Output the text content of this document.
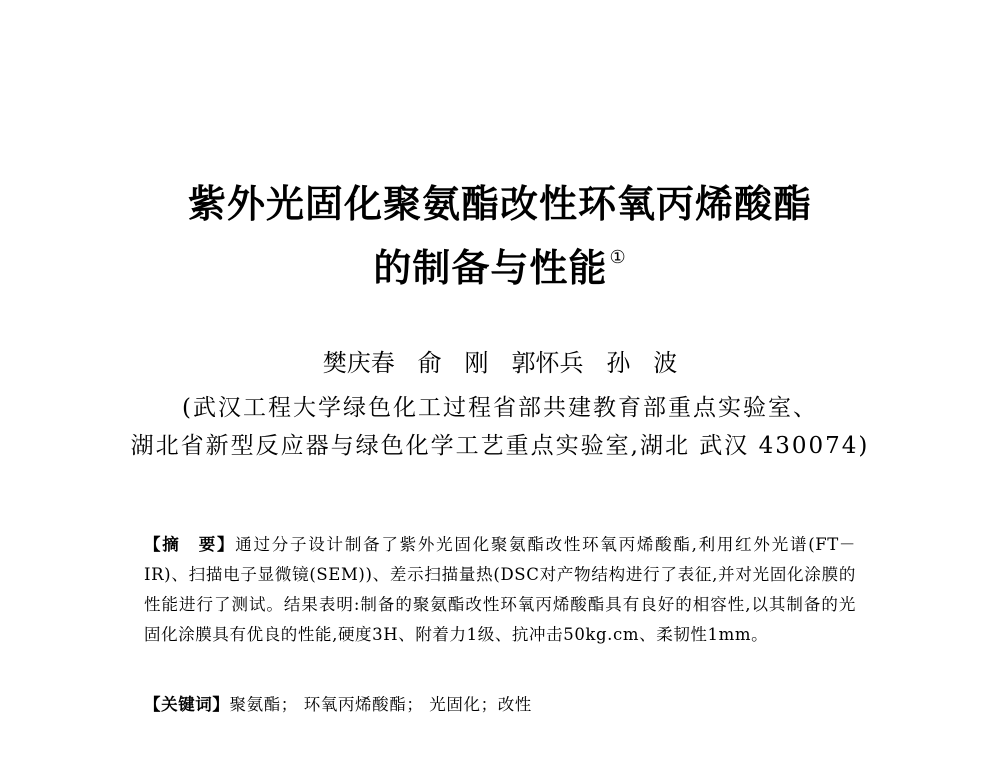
紫外光固化聚氨酯改性环氧丙烯酸酯
的制备与性能 ①
樊庆春   俞   刚   郭怀兵   孙   波
(武汉工程大学绿色化工过程省部共建教育部重点实验室、
湖北省新型反应器与绿色化学工艺重点实验室,湖北 武汉 430074)
【摘　要】通过分子设计制备了紫外光固化聚氨酯改性环氧丙烯酸酯,利用红外光谱(FT－IR)、扫描电子显微镜(SEM))、差示扫描量热(DSC对产物结构进行了表征,并对光固化涂膜的性能进行了测试。结果表明:制备的聚氨酯改性环氧丙烯酸酯具有良好的相容性,以其制备的光固化涂膜具有优良的性能,硬度3H、附着力1级、抗冲击50kg.cm、柔韧性1mm。
【关键词】聚氨酯； 环氧丙烯酸酯； 光固化；改性
